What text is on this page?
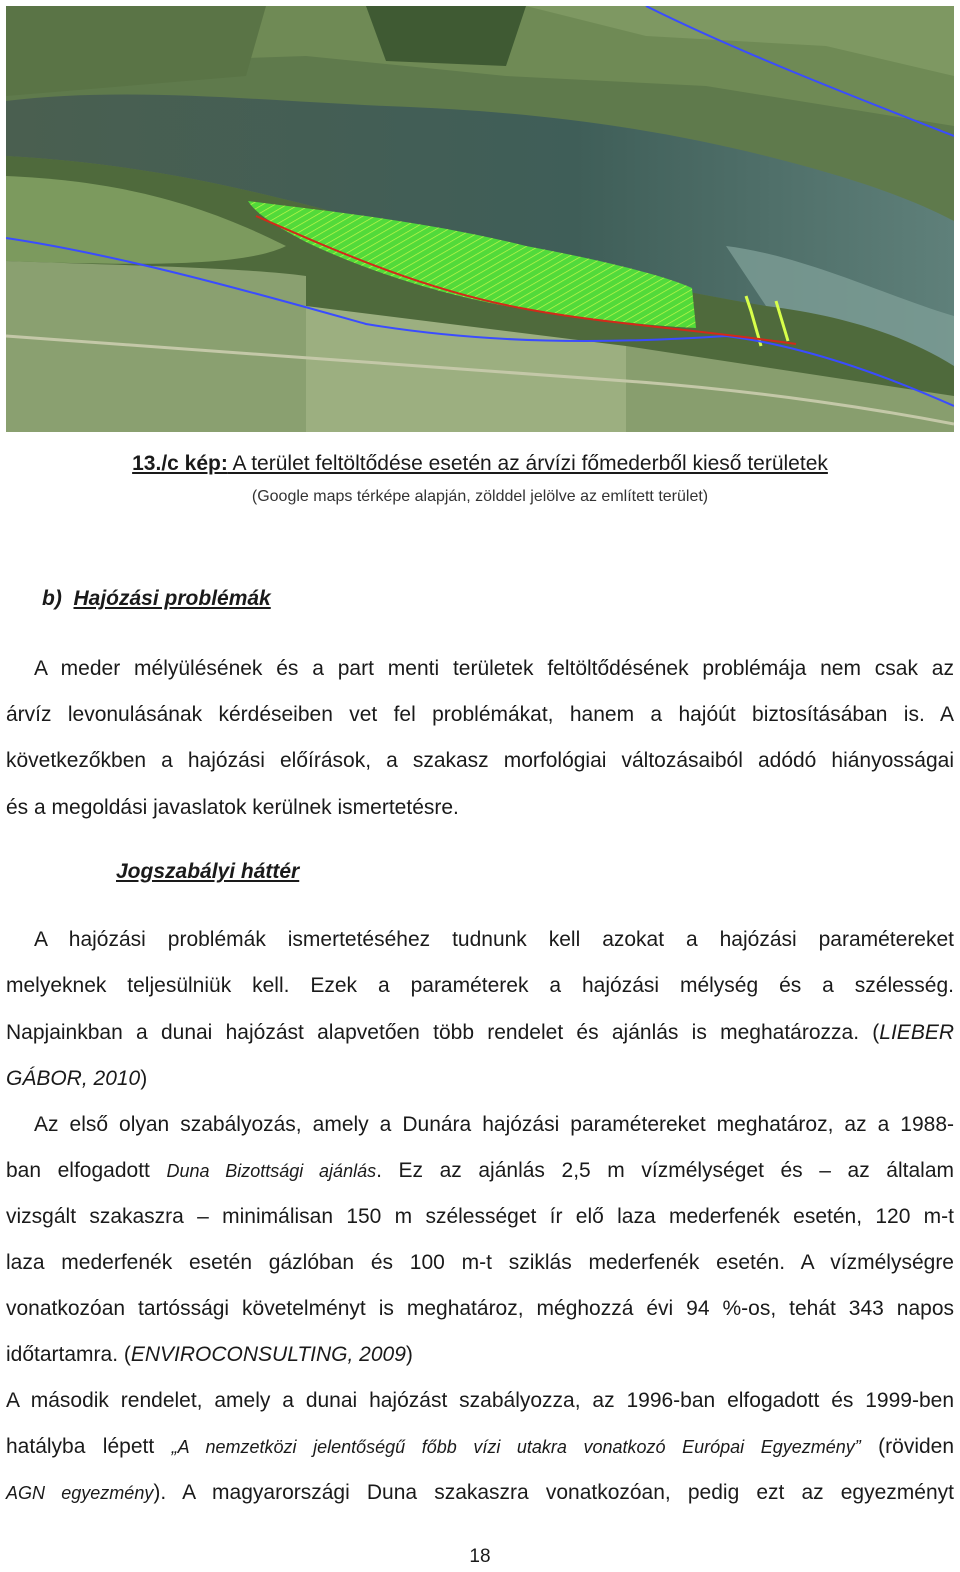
13./c kép: A terület feltöltődése esetén az árvízi főmederből kieső területek
(Google maps térképe alapján, zölddel jelölve az említett terület)
b) Hajózási problémák
A meder mélyülésének és a part menti területek feltöltődésének problémája nem csak az
árvíz levonulásának kérdéseiben vet fel problémákat, hanem a hajóút biztosításában is. A
következőkben a hajózási előírások, a szakasz morfológiai változásaiból adódó hiányosságai
és a megoldási javaslatok kerülnek ismertetésre.
Jogszabályi háttér
A hajózási problémák ismertetéséhez tudnunk kell azokat a hajózási paramétereket
melyeknek teljesülniük kell. Ezek a paraméterek a hajózási mélység és a szélesség.
Napjainkban a dunai hajózást alapvetően több rendelet és ajánlás is meghatározza. (LIEBER
GÁBOR, 2010)
Az első olyan szabályozás, amely a Dunára hajózási paramétereket meghatároz, az a 1988-
ban elfogadott Duna Bizottsági ajánlás. Ez az ajánlás 2,5 m vízmélységet és – az általam
vizsgált szakaszra – minimálisan 150 m szélességet ír elő laza mederfenék esetén, 120 m-t
laza mederfenék esetén gázlóban és 100 m-t sziklás mederfenék esetén. A vízmélységre
vonatkozóan tartóssági követelményt is meghatároz, méghozzá évi 94 %-os, tehát 343 napos
időtartamra. (ENVIROCONSULTING, 2009)
A második rendelet, amely a dunai hajózást szabályozza, az 1996-ban elfogadott és 1999-ben
hatályba lépett „A nemzetközi jelentőségű főbb vízi utakra vonatkozó Európai Egyezmény” (röviden
AGN egyezmény). A magyarországi Duna szakaszra vonatkozóan, pedig ezt az egyezményt
18
